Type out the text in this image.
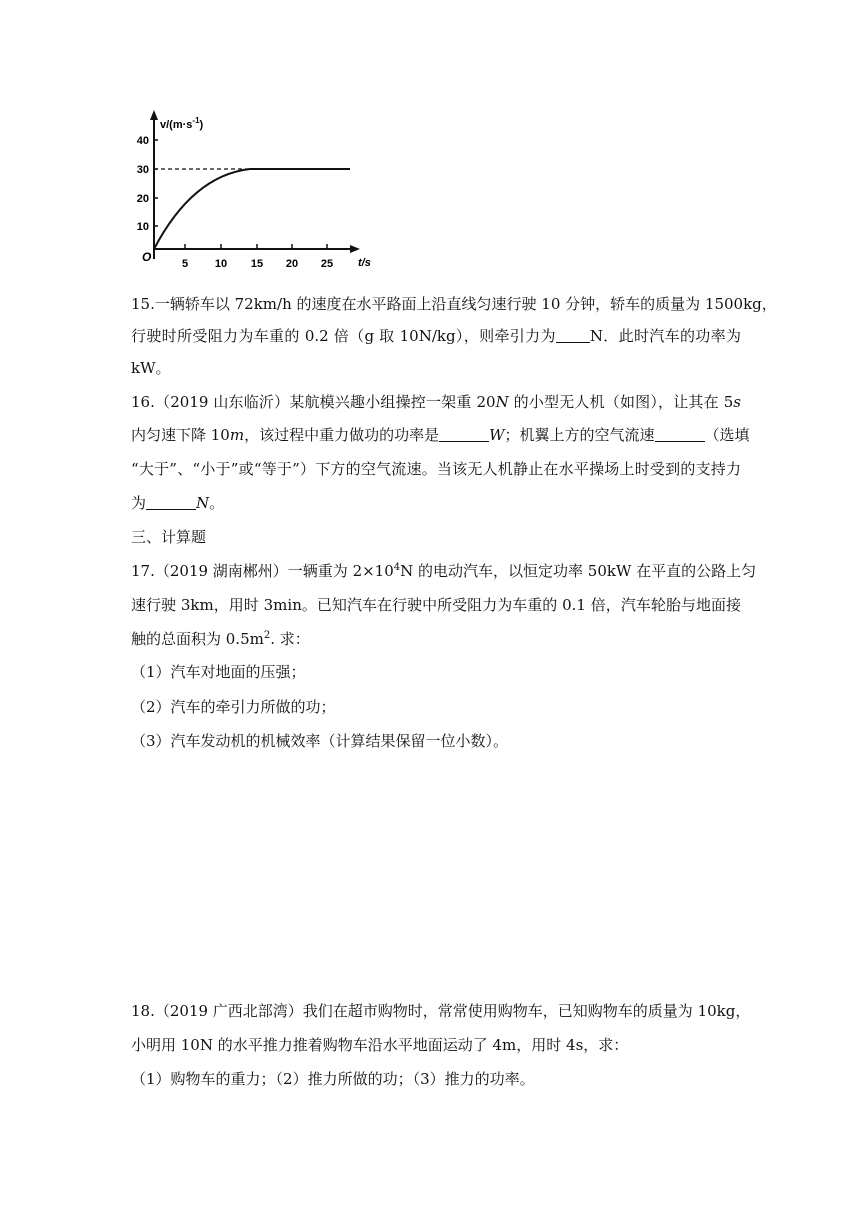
$v/(m\cdot s^{-1})$
t/s
O
40
30
20
10
5 10 15 20 25
15.一辆轿车以 72km/h 的速度在水平路面上沿直线匀速行驶 10 分钟，轿车的质量为 1500kg，
行驶时所受阻力为车重的 0.2 倍（g 取 10N/kg），则牵引力为 N．此时汽车的功率为
kW。
16.（2019 山东临沂）某航模兴趣小组操控一架重 20N 的小型无人机（如图），让其在 5s
内匀速下降 10m，该过程中重力做功的功率是	W；机翼上方的空气流速	（选填
“大于”、“小于”或“等于”）下方的空气流速。当该无人机静止在水平操场上时受到的支持力
为	N。
三、计算题
17.（2019 湖南郴州）一辆重为 $2\times 10^4N$ 的电动汽车，以恒定功率 50kW 在平直的公路上匀
速行驶 3km，用时 3min。已知汽车在行驶中所受阻力为车重的 0.1 倍，汽车轮胎与地面接
触的总面积为 $0.5m^2$. 求：
（1）汽车对地面的压强；
（2）汽车的牵引力所做的功；
（3）汽车发动机的机械效率（计算结果保留一位小数）。
18.（2019 广西北部湾）我们在超市购物时，常常使用购物车，已知购物车的质量为 10kg，
小明用 10N 的水平推力推着购物车沿水平地面运动了 4m，用时 4s，求：
（1）购物车的重力；（2）推力所做的功；（3）推力的功率。
